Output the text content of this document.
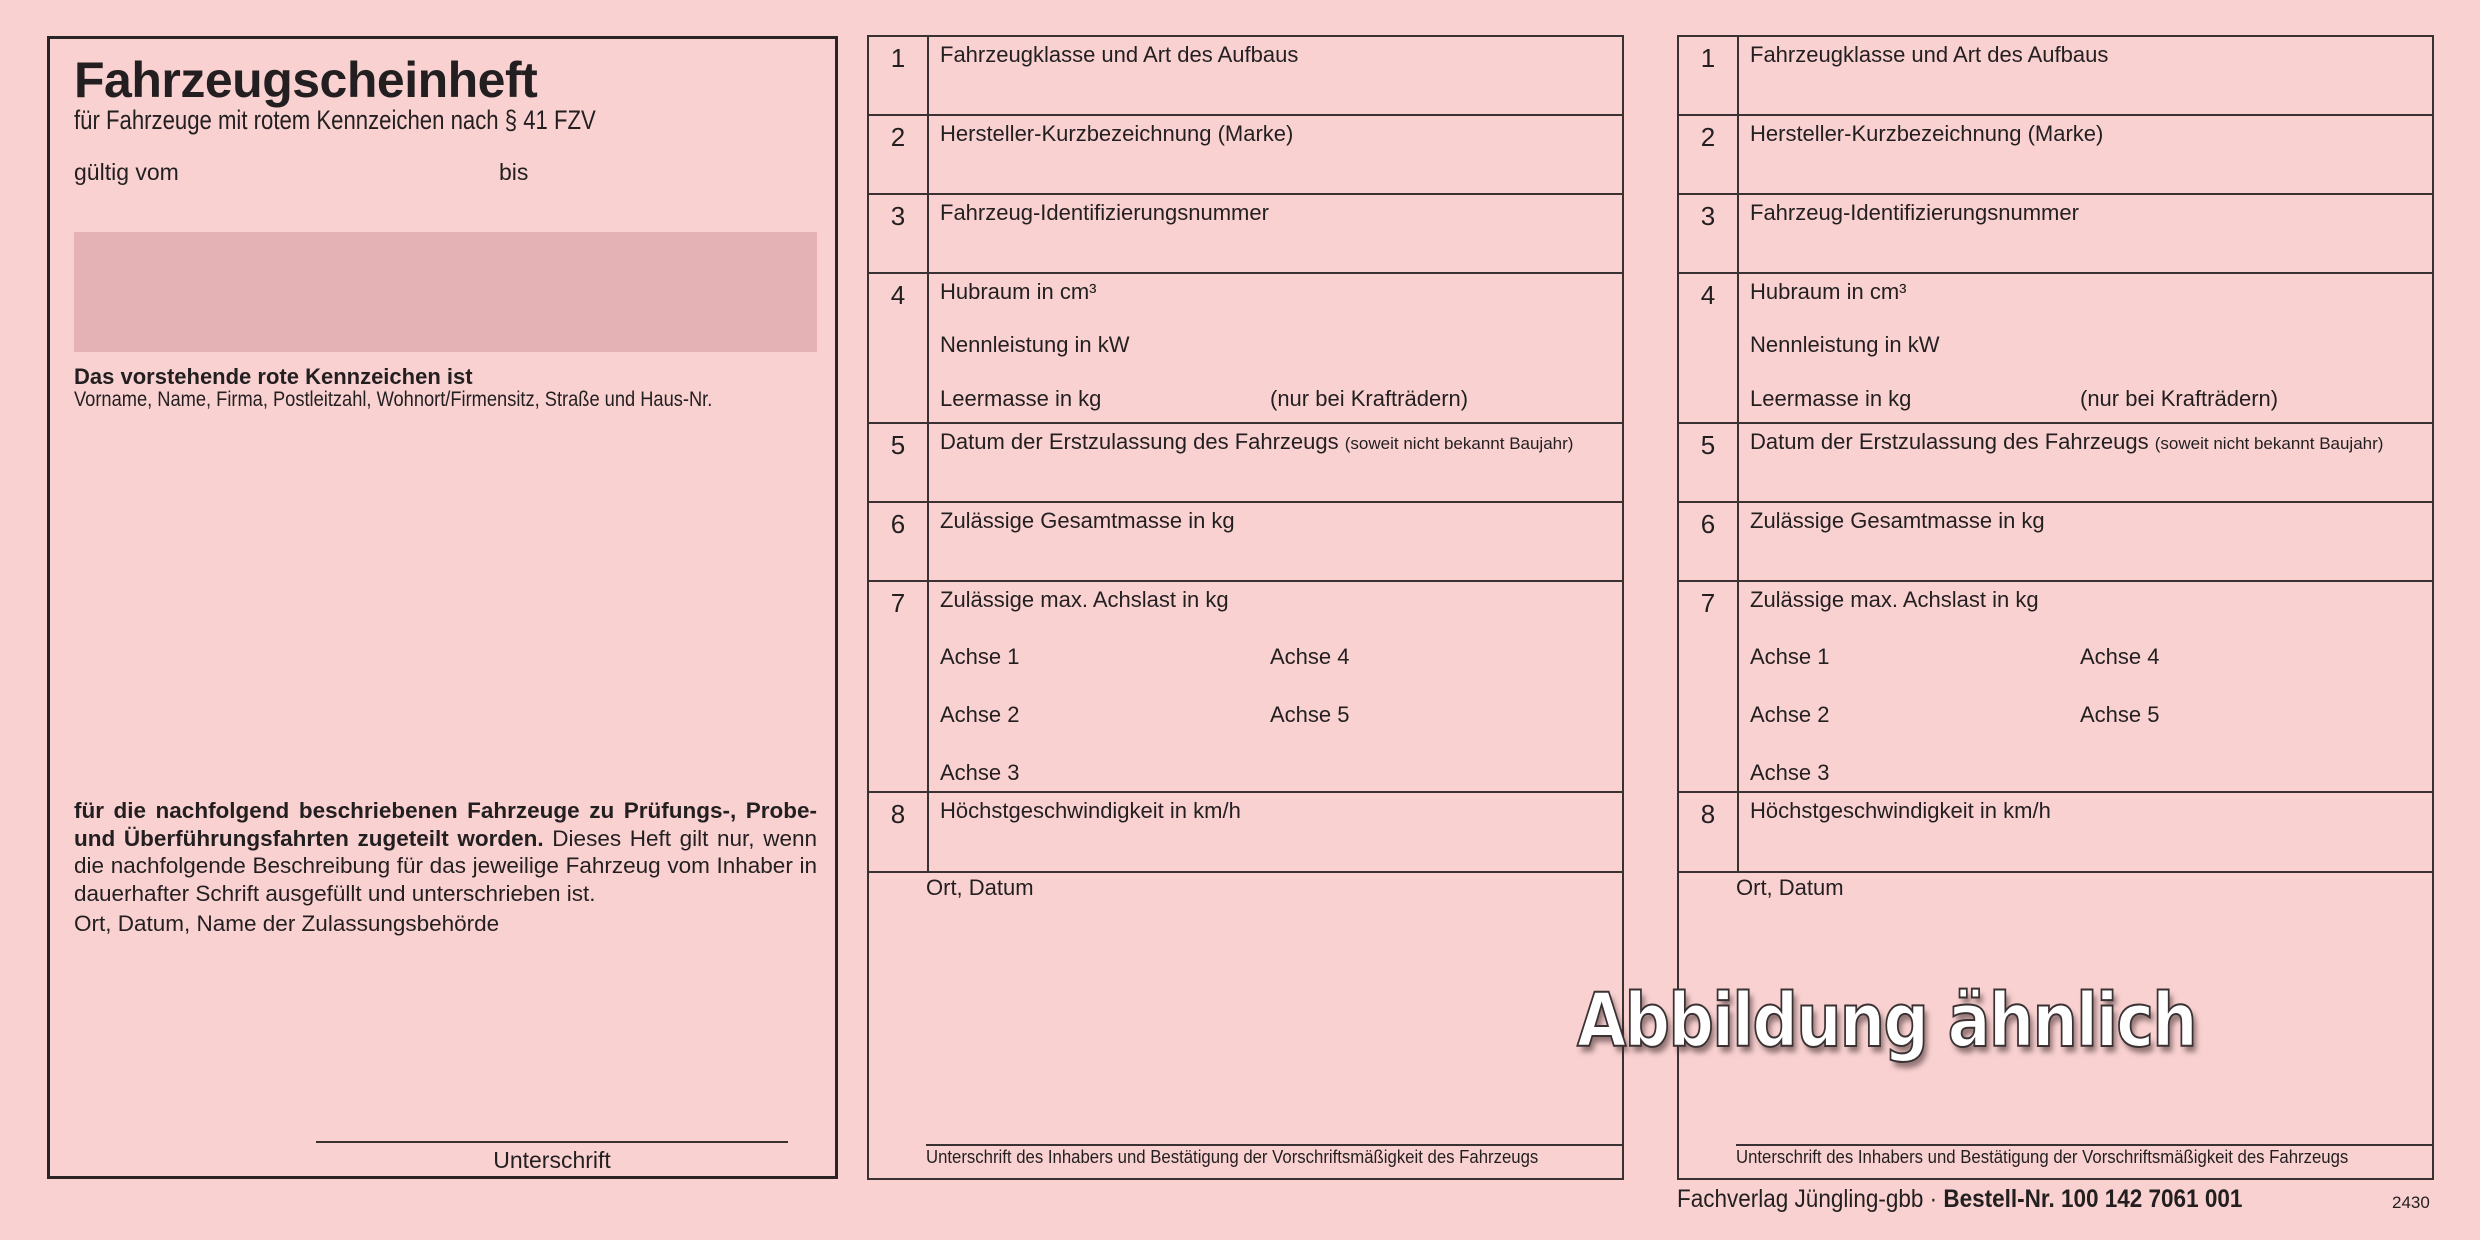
Fahrzeugscheinheft
für Fahrzeuge mit rotem Kennzeichen nach § 41 FZV
gültig vom	bis
Das vorstehende rote Kennzeichen ist
Vorname, Name, Firma, Postleitzahl, Wohnort/Firmensitz, Straße und Haus-Nr.
für die nachfolgend beschriebenen Fahrzeuge zu Prüfungs-, Probe- und Überführungsfahrten zugeteilt worden. Dieses Heft gilt nur, wenn die nachfolgende Beschreibung für das jeweilige Fahrzeug vom Inhaber in dauerhafter Schrift ausgefüllt und unterschrieben ist.
Ort, Datum, Name der Zulassungsbehörde
Unterschrift
1	Fahrzeugklasse und Art des Aufbaus
2	Hersteller-Kurzbezeichnung (Marke)
3	Fahrzeug-Identifizierungsnummer
4	Hubraum in cm³
Nennleistung in kW
Leermasse in kg	(nur bei Krafträdern)
5	Datum der Erstzulassung des Fahrzeugs (soweit nicht bekannt Baujahr)
6	Zulässige Gesamtmasse in kg
7	Zulässige max. Achslast in kg
Achse 1
Achse 2
Achse 3
Achse 4
Achse 5
8	Höchstgeschwindigkeit in km/h
Ort, Datum
Unterschrift des Inhabers und Bestätigung der Vorschriftsmäßigkeit des Fahrzeugs
1	Fahrzeugklasse und Art des Aufbaus
2	Hersteller-Kurzbezeichnung (Marke)
3	Fahrzeug-Identifizierungsnummer
4	Hubraum in cm³
Nennleistung in kW
Leermasse in kg	(nur bei Krafträdern)
5	Datum der Erstzulassung des Fahrzeugs (soweit nicht bekannt Baujahr)
6	Zulässige Gesamtmasse in kg
7	Zulässige max. Achslast in kg
Achse 1
Achse 2
Achse 3
Achse 4
Achse 5
8	Höchstgeschwindigkeit in km/h
Ort, Datum
Unterschrift des Inhabers und Bestätigung der Vorschriftsmäßigkeit des Fahrzeugs
Abbildung ähnlich
Fachverlag Jüngling-gbb · Bestell-Nr. 100 142 7061 001	2430
